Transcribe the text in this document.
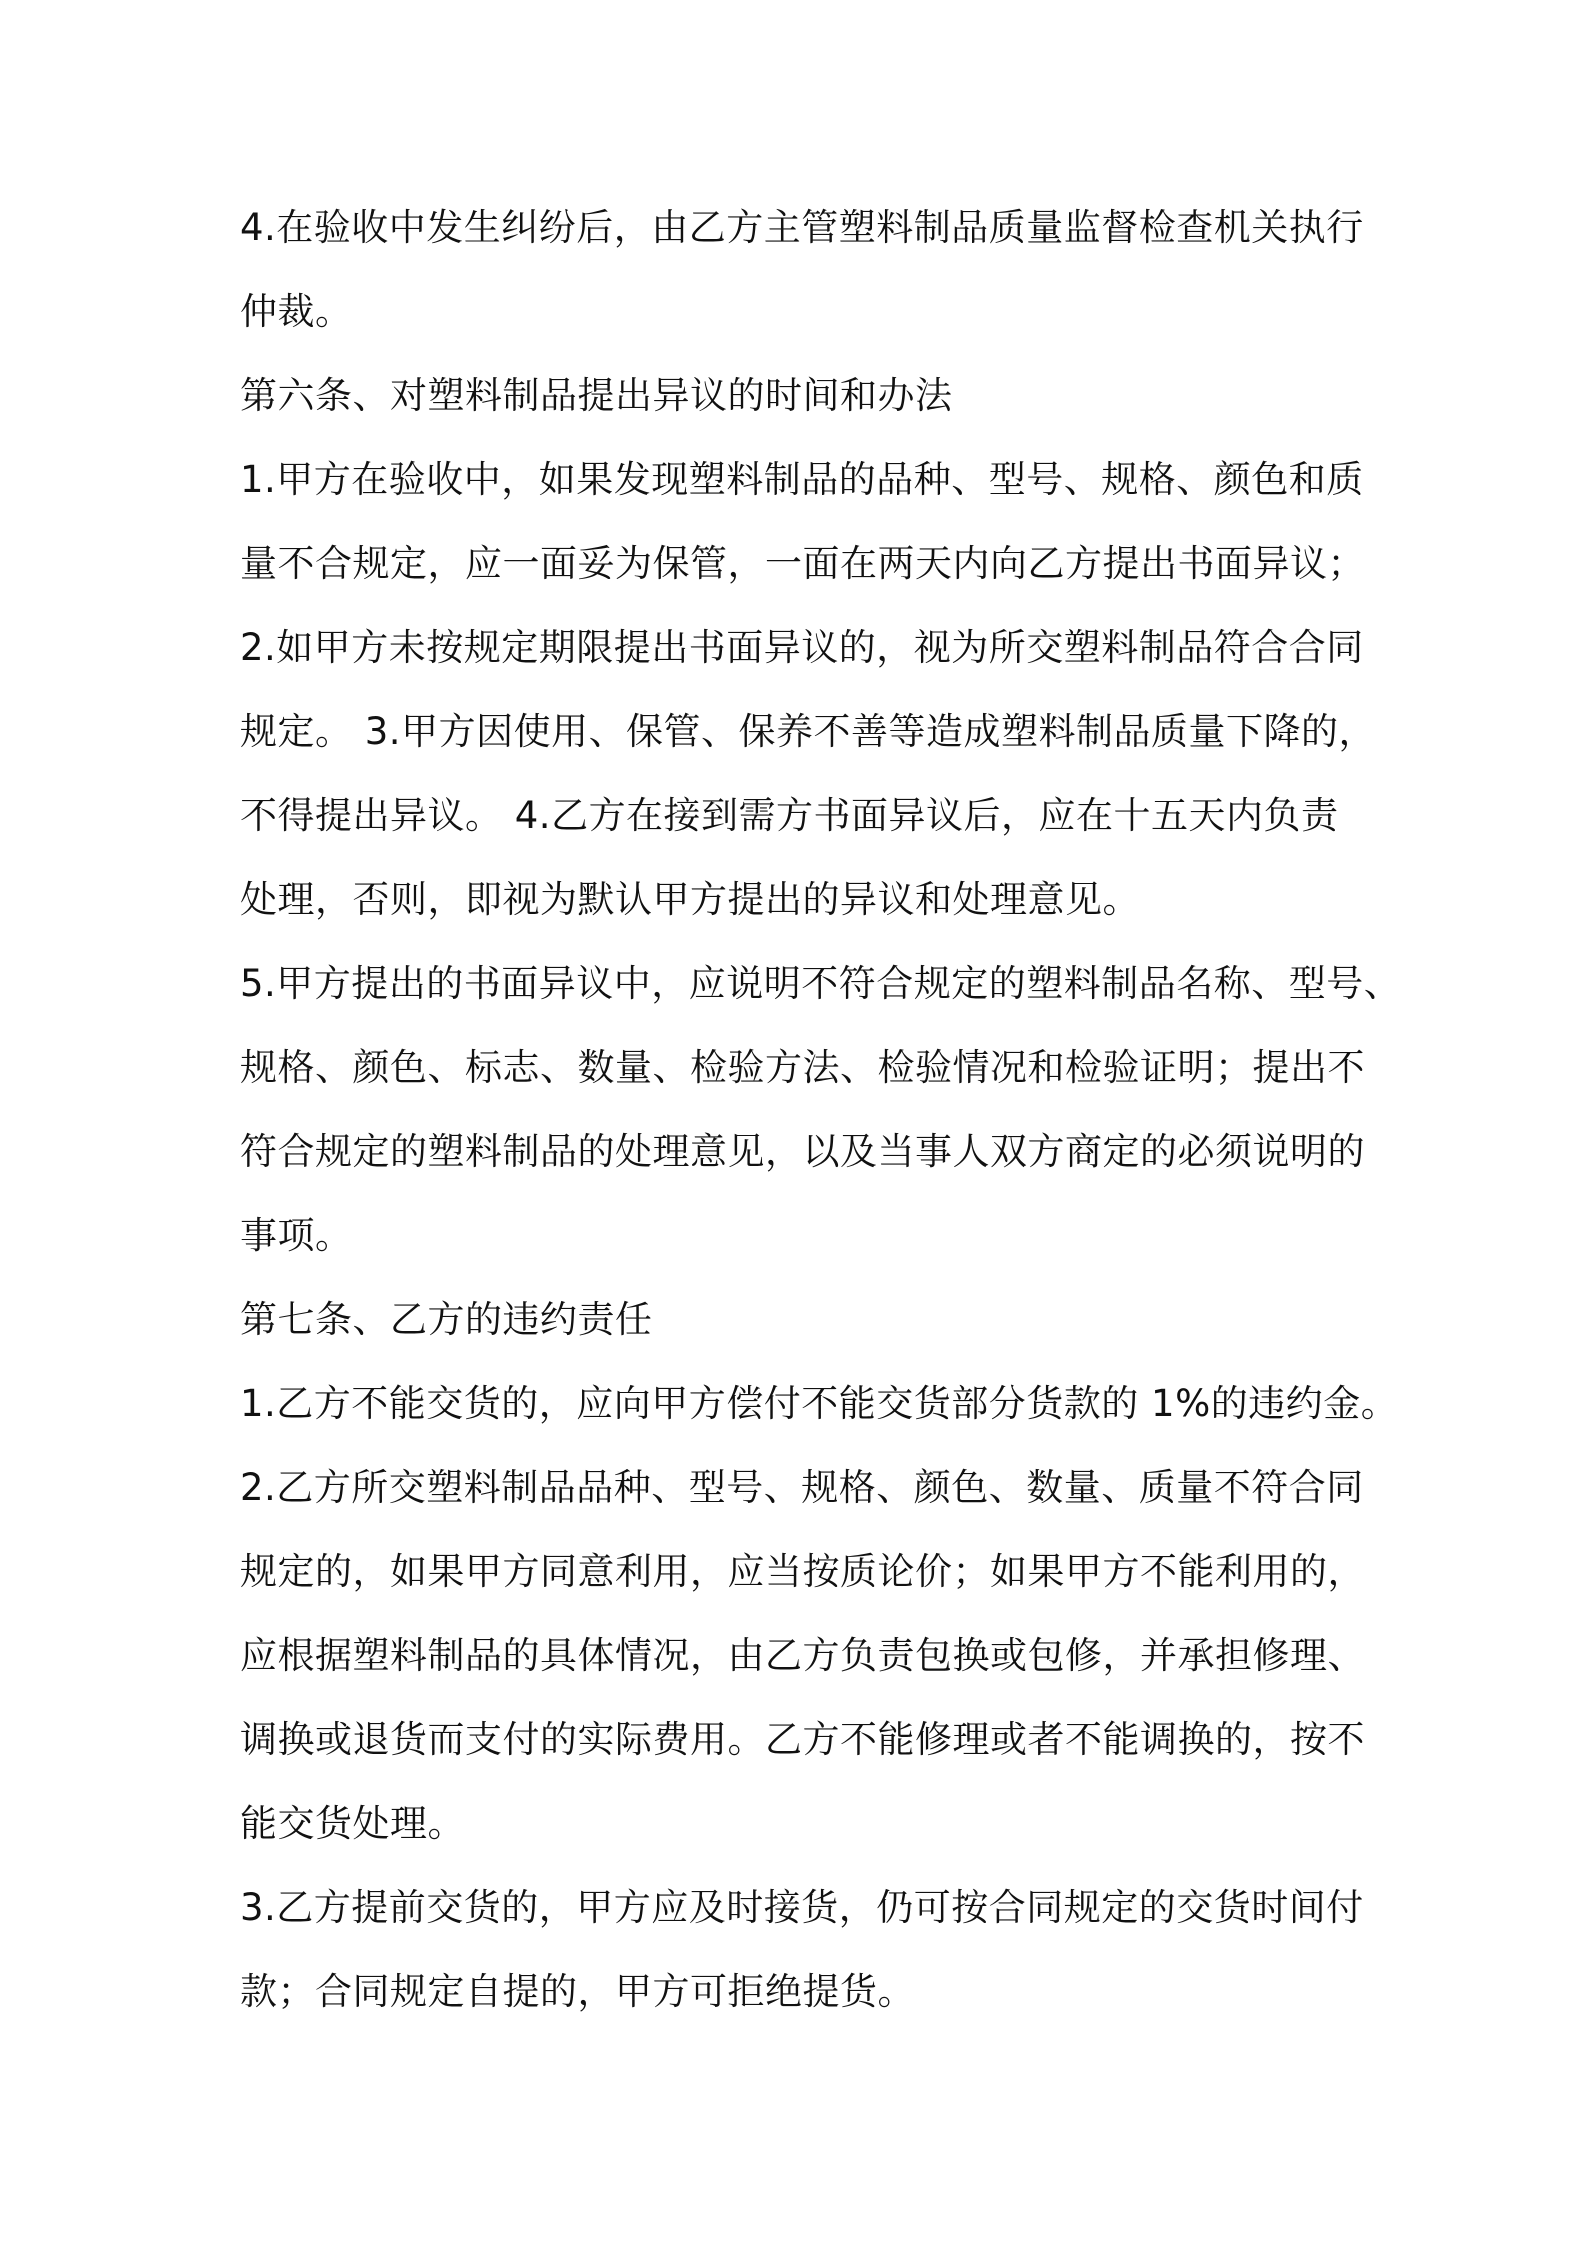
4.在验收中发生纠纷后，由乙方主管塑料制品质量监督检查机关执行
仲裁。
第六条、对塑料制品提出异议的时间和办法
1.甲方在验收中，如果发现塑料制品的品种、型号、规格、颜色和质
量不合规定，应一面妥为保管，一面在两天内向乙方提出书面异议；
2.如甲方未按规定期限提出书面异议的，视为所交塑料制品符合合同
规定。 3.甲方因使用、保管、保养不善等造成塑料制品质量下降的，
不得提出异议。 4.乙方在接到需方书面异议后，应在十五天内负责
处理，否则，即视为默认甲方提出的异议和处理意见。
5.甲方提出的书面异议中，应说明不符合规定的塑料制品名称、型号、
规格、颜色、标志、数量、检验方法、检验情况和检验证明；提出不
符合规定的塑料制品的处理意见，以及当事人双方商定的必须说明的
事项。
第七条、乙方的违约责任
1.乙方不能交货的，应向甲方偿付不能交货部分货款的 1%的违约金。
2.乙方所交塑料制品品种、型号、规格、颜色、数量、质量不符合同
规定的，如果甲方同意利用，应当按质论价；如果甲方不能利用的，
应根据塑料制品的具体情况，由乙方负责包换或包修，并承担修理、
调换或退货而支付的实际费用。乙方不能修理或者不能调换的，按不
能交货处理。
3.乙方提前交货的，甲方应及时接货，仍可按合同规定的交货时间付
款；合同规定自提的，甲方可拒绝提货。
